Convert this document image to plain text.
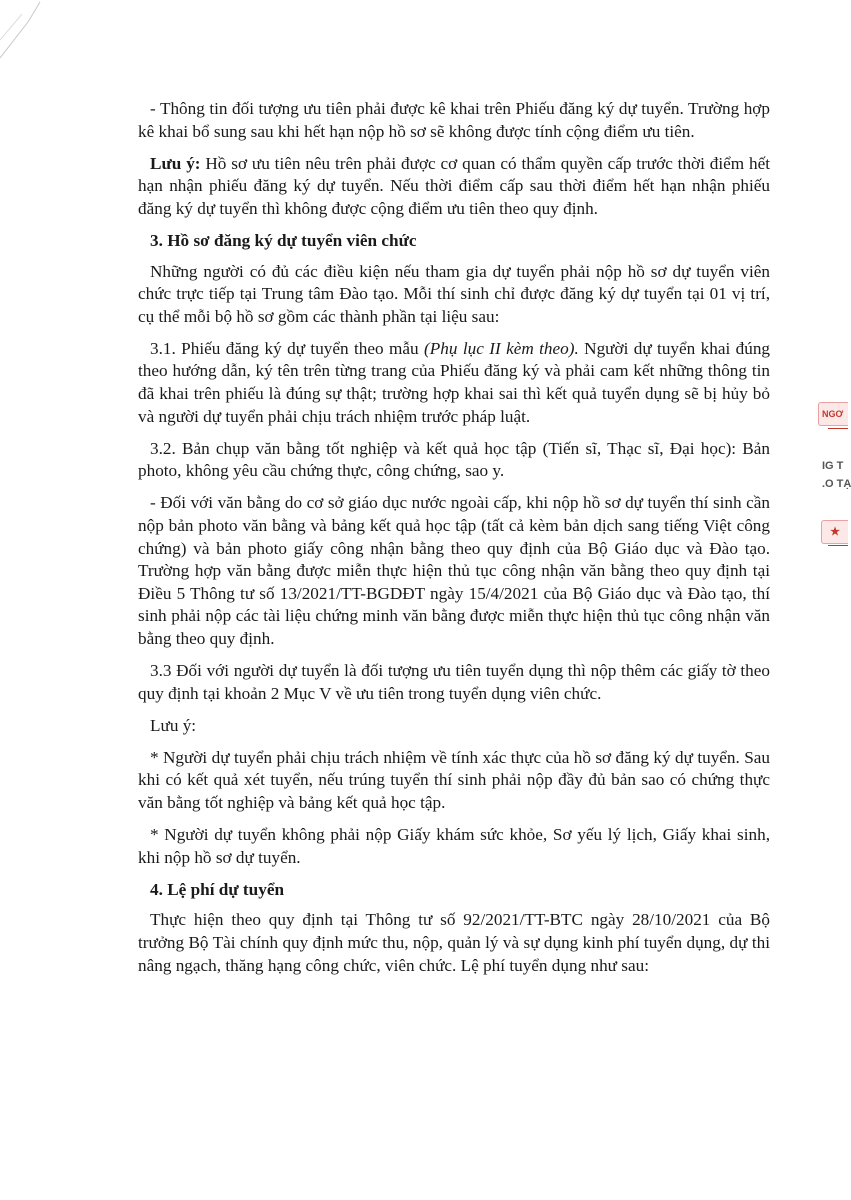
- Thông tin đối tượng ưu tiên phải được kê khai trên Phiếu đăng ký dự tuyển. Trường hợp kê khai bổ sung sau khi hết hạn nộp hồ sơ sẽ không được tính cộng điểm ưu tiên.

Lưu ý: Hồ sơ ưu tiên nêu trên phải được cơ quan có thẩm quyền cấp trước thời điểm hết hạn nhận phiếu đăng ký dự tuyển. Nếu thời điểm cấp sau thời điểm hết hạn nhận phiếu đăng ký dự tuyển thì không được cộng điểm ưu tiên theo quy định.

3. Hồ sơ đăng ký dự tuyển viên chức

Những người có đủ các điều kiện nếu tham gia dự tuyển phải nộp hồ sơ dự tuyển viên chức trực tiếp tại Trung tâm Đào tạo. Mỗi thí sinh chỉ được đăng ký dự tuyển tại 01 vị trí, cụ thể mỗi bộ hồ sơ gồm các thành phần tại liệu sau:

3.1. Phiếu đăng ký dự tuyển theo mẫu (Phụ lục II kèm theo). Người dự tuyển khai đúng theo hướng dẫn, ký tên trên từng trang của Phiếu đăng ký và phải cam kết những thông tin đã khai trên phiếu là đúng sự thật; trường hợp khai sai thì kết quả tuyển dụng sẽ bị hủy bỏ và người dự tuyển phải chịu trách nhiệm trước pháp luật.

3.2. Bản chụp văn bằng tốt nghiệp và kết quả học tập (Tiến sĩ, Thạc sĩ, Đại học): Bản photo, không yêu cầu chứng thực, công chứng, sao y.

- Đối với văn bằng do cơ sở giáo dục nước ngoài cấp, khi nộp hồ sơ dự tuyển thí sinh cần nộp bản photo văn bằng và bảng kết quả học tập (tất cả kèm bản dịch sang tiếng Việt công chứng) và bản photo giấy công nhận bằng theo quy định của Bộ Giáo dục và Đào tạo. Trường hợp văn bằng được miễn thực hiện thủ tục công nhận văn bằng theo quy định tại Điều 5 Thông tư số 13/2021/TT-BGDĐT ngày 15/4/2021 của Bộ Giáo dục và Đào tạo, thí sinh phải nộp các tài liệu chứng minh văn bằng được miễn thực hiện thủ tục công nhận văn bằng theo quy định.

3.3 Đối với người dự tuyển là đối tượng ưu tiên tuyển dụng thì nộp thêm các giấy tờ theo quy định tại khoản 2 Mục V về ưu tiên trong tuyển dụng viên chức.

Lưu ý:

* Người dự tuyển phải chịu trách nhiệm về tính xác thực của hồ sơ đăng ký dự tuyển. Sau khi có kết quả xét tuyển, nếu trúng tuyển thí sinh phải nộp đầy đủ bản sao có chứng thực văn bằng tốt nghiệp và bảng kết quả học tập.

* Người dự tuyển không phải nộp Giấy khám sức khỏe, Sơ yếu lý lịch, Giấy khai sinh, khi nộp hồ sơ dự tuyển.

4. Lệ phí dự tuyển

Thực hiện theo quy định tại Thông tư số 92/2021/TT-BTC ngày 28/10/2021 của Bộ trưởng Bộ Tài chính quy định mức thu, nộp, quản lý và sự dụng kinh phí tuyển dụng, dự thi nâng ngạch, thăng hạng công chức, viên chức. Lệ phí tuyển dụng như sau:

NGƠ
IG T
.O TẠ
★
